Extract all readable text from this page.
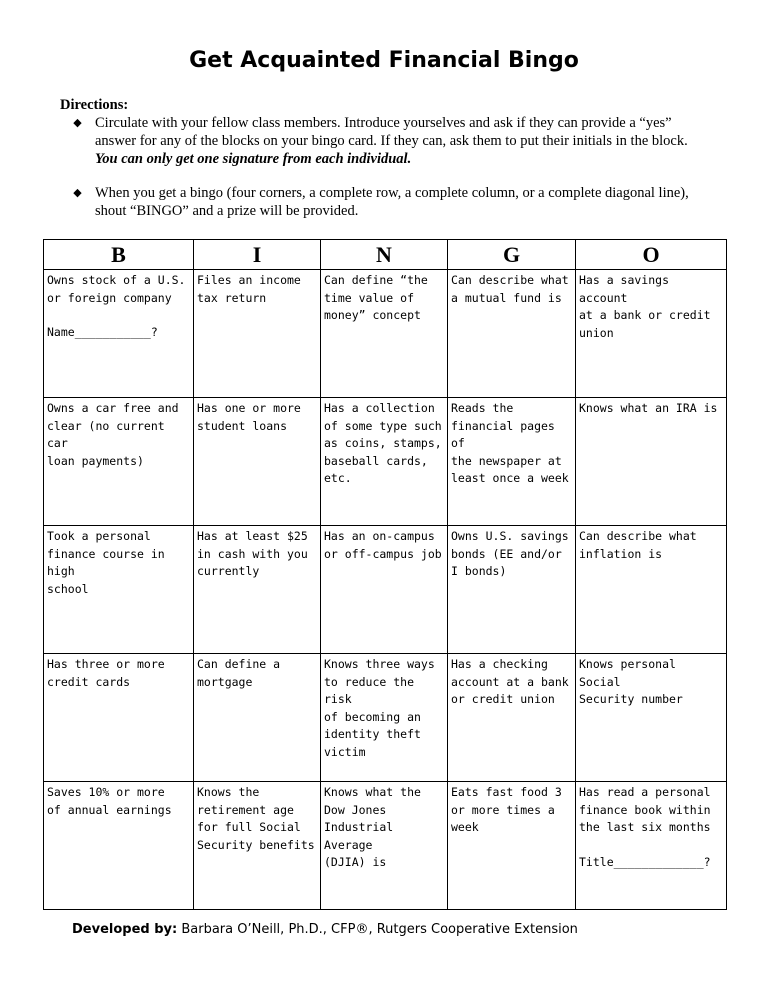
Get Acquainted Financial Bingo
Directions:
◆ Circulate with your fellow class members. Introduce yourselves and ask if they can provide a “yes” answer for any of the blocks on your bingo card. If they can, ask them to put their initials in the block. You can only get one signature from each individual.
◆ When you get a bingo (four corners, a complete row, a complete column, or a complete diagonal line), shout “BINGO” and a prize will be provided.
B	I	N	G	O

Owns stock of a U.S.
or foreign company
Name___________?	Files an income
tax return	Can define “the
time value of
money” concept	Can describe what
a mutual fund is	Has a savings account
at a bank or credit
union

Owns a car free and
clear (no current car
loan payments)	Has one or more
student loans	Has a collection
of some type such
as coins, stamps,
baseball cards,
etc.	Reads the
financial pages of
the newspaper at
least once a week	Knows what an IRA is

Took a personal
finance course in high
school	Has at least $25
in cash with you
currently	Has an on-campus
or off-campus job	Owns U.S. savings
bonds (EE and/or
I bonds)	Can describe what
inflation is

Has three or more
credit cards	Can define a
mortgage	Knows three ways
to reduce the risk
of becoming an
identity theft
victim	Has a checking
account at a bank
or credit union	Knows personal Social
Security number

Saves 10% or more
of annual earnings	Knows the
retirement age
for full Social
Security benefits	Knows what the
Dow Jones
Industrial Average
(DJIA) is	Eats fast food 3
or more times a
week	Has read a personal
finance book within
the last six months
Title_____________?
Developed by: Barbara O’Neill, Ph.D., CFP®, Rutgers Cooperative Extension
